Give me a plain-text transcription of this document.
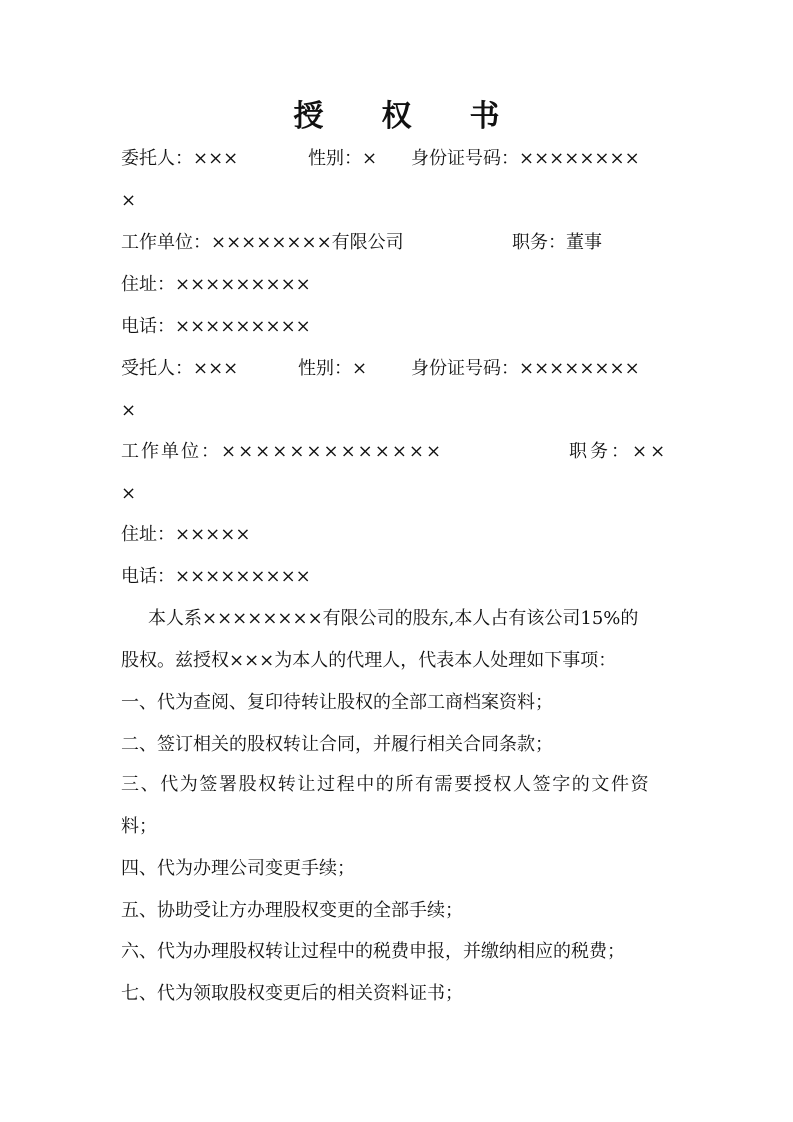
授权书
委托人：×××	性别：× 身份证号码：××××××××
×
工作单位：××××××××有限公司	职务：董事
住址：×××××××××
电话：×××××××××
受托人：×××	性别：× 身份证号码：××××××××
×
工作单位：×××××××××××××	职务：××
×
住址：×××××
电话：×××××××××
本人系××××××××有限公司的股东,本人占有该公司15%的
股权。兹授权×××为本人的代理人，代表本人处理如下事项：
一、代为查阅、复印待转让股权的全部工商档案资料；
二、签订相关的股权转让合同，并履行相关合同条款；
三、代为签署股权转让过程中的所有需要授权人签字的文件资
料；
四、代为办理公司变更手续；
五、协助受让方办理股权变更的全部手续；
六、代为办理股权转让过程中的税费申报，并缴纳相应的税费；
七、代为领取股权变更后的相关资料证书；
